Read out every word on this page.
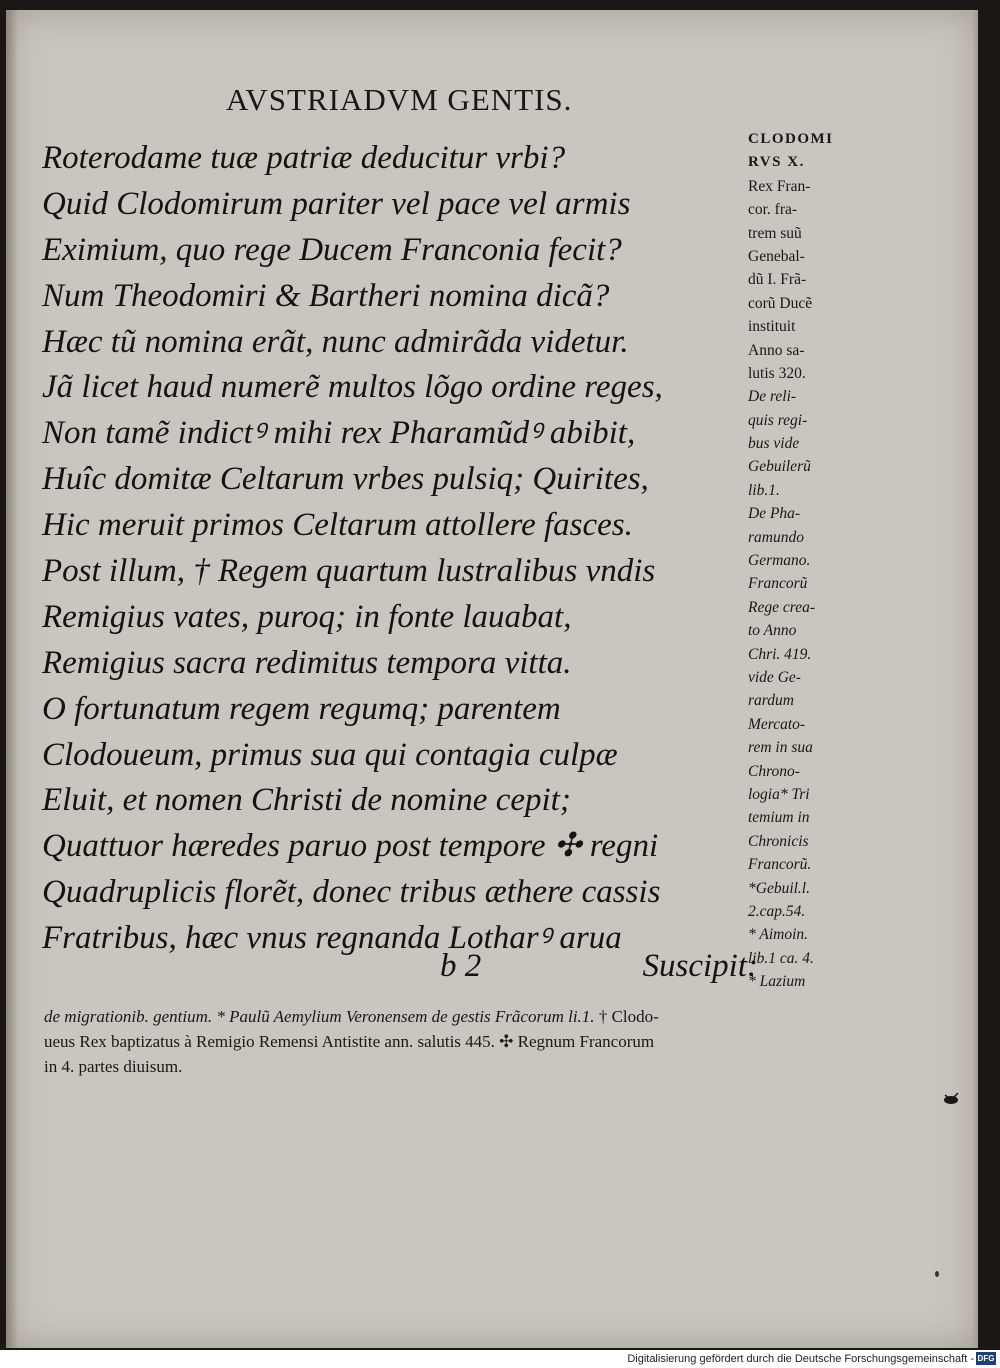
AVSTRIADVM GENTIS.
Roterodame tuæ patriæ deducitur vrbi?
Quid Clodomirum pariter vel pace vel armis
Eximium, quo rege Ducem Franconia fecit?
Num Theodomiri & Bartheri nomina dicã?
Hæc tũ nomina erãt, nunc admirãda videtur.
Jã licet haud numerẽ multos lõgo ordine reges,
Non tamẽ indictꝰ mihi rex Pharamũdꝰ abibit,
Huîc domitæ Celtarum vrbes pulsiq; Quirites,
Hic meruit primos Celtarum attollere fasces.
Post illum, † Regem quartum lustralibus vndis
Remigius vates, puroq; in fonte lauabat,
Remigius sacra redimitus tempora vitta.
O fortunatum regem regumq; parentem
Clodoueum, primus sua qui contagia culpæ
Eluit, et nomen Christi de nomine cepit;
Quattuor hæredes paruo post tempore ✣ regni
Quadruplicis florẽt, donec tribus æthere cassis
Fratribus, hæc vnus regnanda Lotharꝰ arua
b 2	Suscipit:
CLODOMI
RVS X.
Rex Fran-
cor. fra-
trem suũ
Genebal-
dũ I. Frã-
corũ Ducẽ
instituit
Anno sa-
lutis 320.
De reli-
quis regi-
bus vide
Gebuilerũ
lib.1.
De Pha-
ramundo
Germano.
Francorũ
Rege crea-
to Anno
Chri. 419.
vide Ge-
rardum
Mercato-
rem in sua
Chrono-
logia* Tri
temium in
Chronicis
Francorũ.
*Gebuil.l.
2.cap.54.
* Aimoin.
lib.1 ca. 4.
* Lazium
de migrationib. gentium. * Paulũ Aemylium Veronensem de gestis Frãcorum li.1. † Clodo-
ueus Rex baptizatus à Remigio Remensi Antistite ann. salutis 445. ✣ Regnum Francorum
in 4. partes diuisum.
Digitalisierung gefördert durch die Deutsche Forschungsgemeinschaft - DFG
